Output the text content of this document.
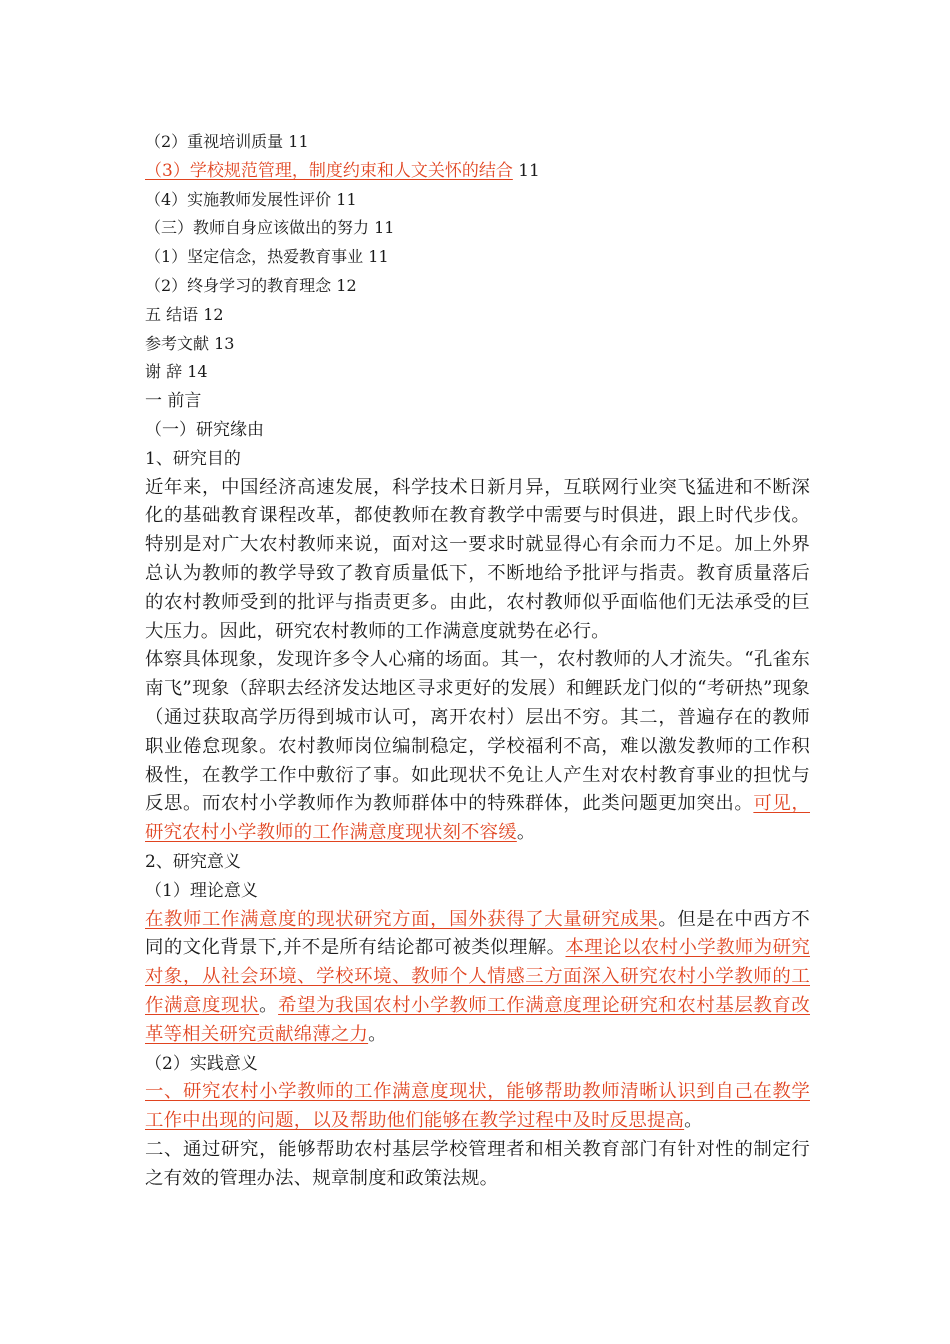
（2）重视培训质量 11
（3）学校规范管理，制度约束和人文关怀的结合 11
（4）实施教师发展性评价 11
（三）教师自身应该做出的努力 11
（1）坚定信念，热爱教育事业 11
（2）终身学习的教育理念 12
五 结语 12
参考文献 13
谢 辞 14
一 前言
（一）研究缘由
1、研究目的

近年来，中国经济高速发展，科学技术日新月异，互联网行业突飞猛进和不断深化的基础教育课程改革，都使教师在教育教学中需要与时俱进，跟上时代步伐。特别是对广大农村教师来说，面对这一要求时就显得心有余而力不足。加上外界总认为教师的教学导致了教育质量低下，不断地给予批评与指责。教育质量落后的农村教师受到的批评与指责更多。由此，农村教师似乎面临他们无法承受的巨大压力。因此，研究农村教师的工作满意度就势在必行。

体察具体现象，发现许多令人心痛的场面。其一，农村教师的人才流失。“孔雀东南飞”现象（辞职去经济发达地区寻求更好的发展）和鲤跃龙门似的“考研热”现象（通过获取高学历得到城市认可，离开农村）层出不穷。其二，普遍存在的教师职业倦怠现象。农村教师岗位编制稳定，学校福利不高，难以激发教师的工作积极性，在教学工作中敷衍了事。如此现状不免让人产生对农村教育事业的担忧与反思。而农村小学教师作为教师群体中的特殊群体，此类问题更加突出。可见，研究农村小学教师的工作满意度现状刻不容缓。

2、研究意义
（1）理论意义

在教师工作满意度的现状研究方面，国外获得了大量研究成果。但是在中西方不同的文化背景下,并不是所有结论都可被类似理解。本理论以农村小学教师为研究对象，从社会环境、学校环境、教师个人情感三方面深入研究农村小学教师的工作满意度现状。希望为我国农村小学教师工作满意度理论研究和农村基层教育改革等相关研究贡献绵薄之力。

（2）实践意义

一、研究农村小学教师的工作满意度现状，能够帮助教师清晰认识到自己在教学工作中出现的问题，以及帮助他们能够在教学过程中及时反思提高。

二、通过研究，能够帮助农村基层学校管理者和相关教育部门有针对性的制定行之有效的管理办法、规章制度和政策法规。
